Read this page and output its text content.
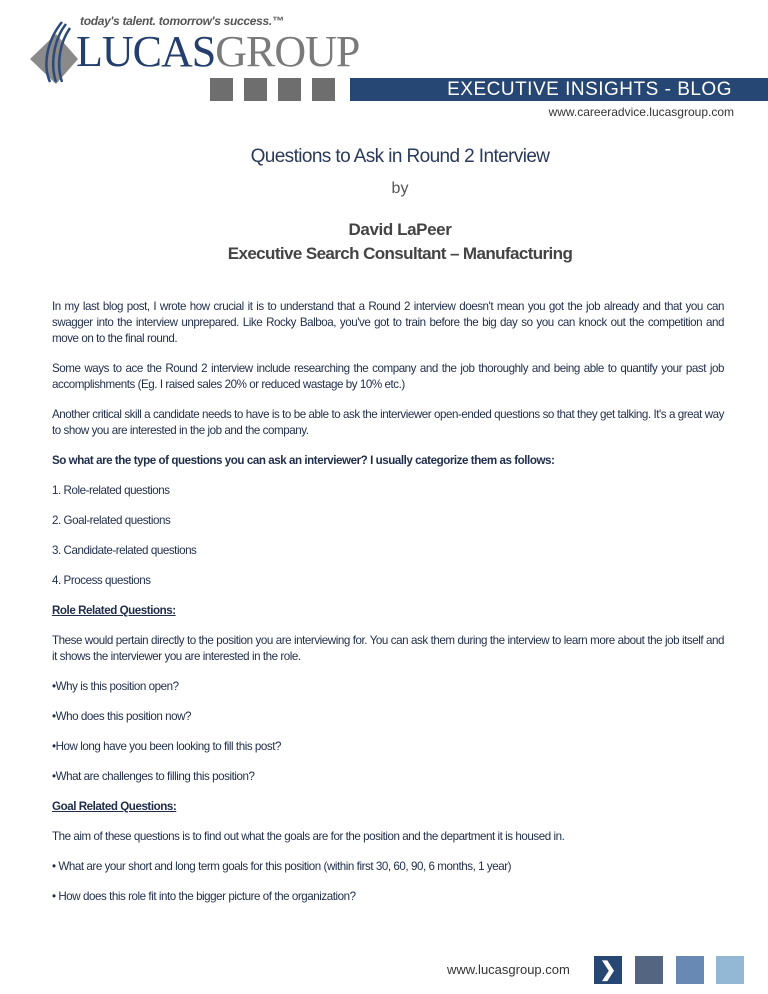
today's talent. tomorrow's success.™
LUCASGROUP
EXECUTIVE INSIGHTS - BLOG
www.careeradvice.lucasgroup.com
Questions to Ask in Round 2 Interview
by
David LaPeer
Executive Search Consultant – Manufacturing

In my last blog post, I wrote how crucial it is to understand that a Round 2 interview doesn't mean you got the job already and that you can swagger into the interview unprepared. Like Rocky Balboa, you've got to train before the big day so you can knock out the competition and move on to the final round.

Some ways to ace the Round 2 interview include researching the company and the job thoroughly and being able to quantify your past job accomplishments (Eg. I raised sales 20% or reduced wastage by 10% etc.)

Another critical skill a candidate needs to have is to be able to ask the interviewer open-ended questions so that they get talking. It's a great way to show you are interested in the job and the company.

So what are the type of questions you can ask an interviewer? I usually categorize them as follows:

1. Role-related questions

2. Goal-related questions

3. Candidate-related questions

4. Process questions

Role Related Questions:

These would pertain directly to the position you are interviewing for. You can ask them during the interview to learn more about the job itself and it shows the interviewer you are interested in the role.

•Why is this position open?

•Who does this position now?

•How long have you been looking to fill this post?

•What are challenges to filling this position?

Goal Related Questions:

The aim of these questions is to find out what the goals are for the position and the department it is housed in.

• What are your short and long term goals for this position (within first 30, 60, 90, 6 months, 1 year)

• How does this role fit into the bigger picture of the organization?

www.lucasgroup.com ❯
